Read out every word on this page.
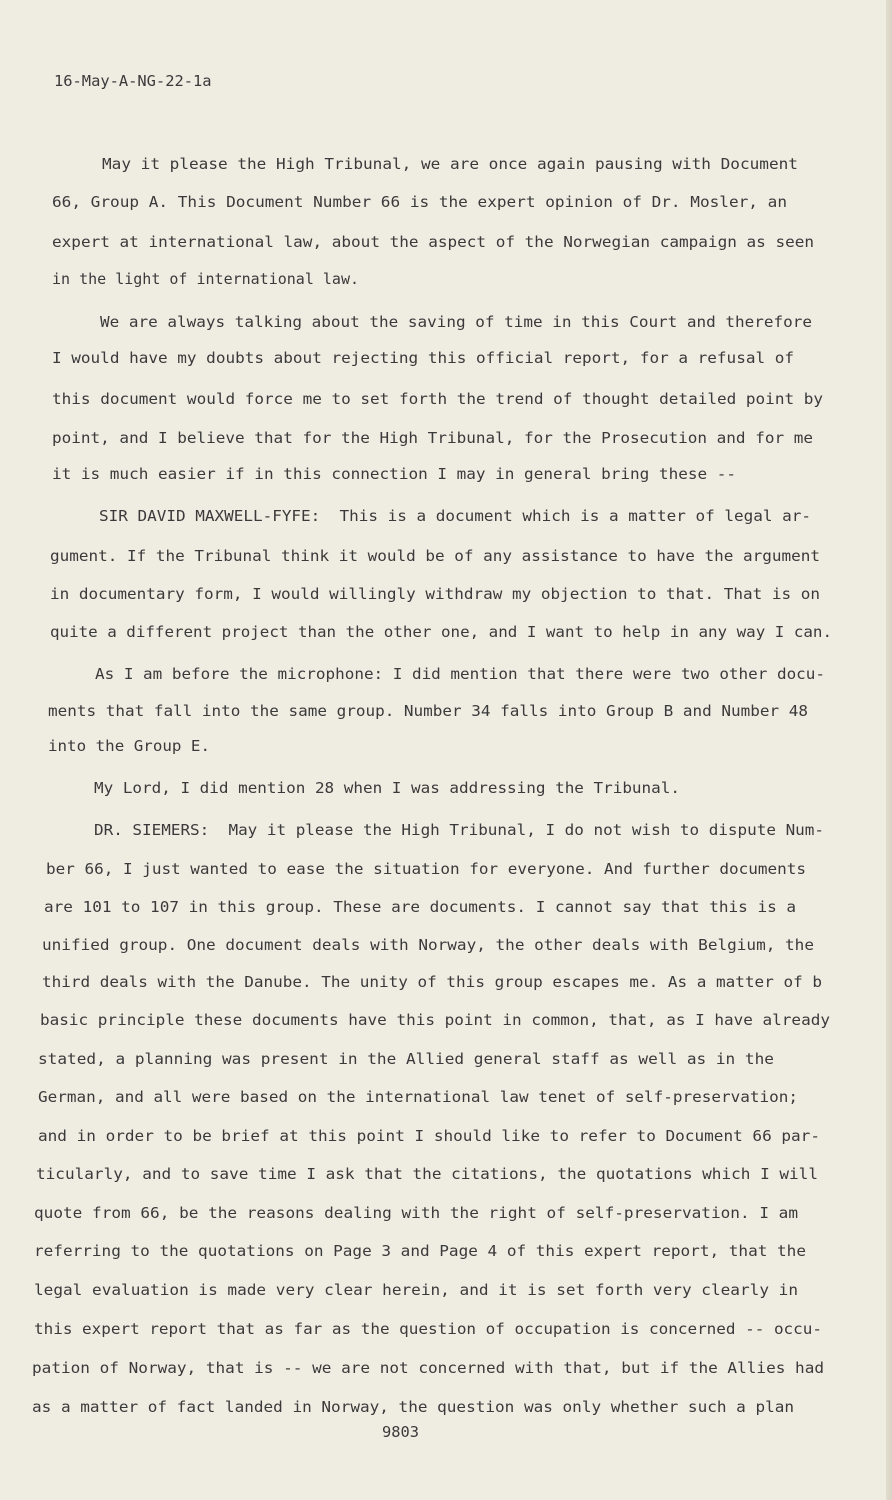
16-May-A-NG-22-1a
May it please the High Tribunal, we are once again pausing with Document
66, Group A. This Document Number 66 is the expert opinion of Dr. Mosler, an
expert at international law, about the aspect of the Norwegian campaign as seen
in the light of international law.
We are always talking about the saving of time in this Court and therefore
I would have my doubts about rejecting this official report, for a refusal of
this document would force me to set forth the trend of thought detailed point by
point, and I believe that for the High Tribunal, for the Prosecution and for me
it is much easier if in this connection I may in general bring these --
SIR DAVID MAXWELL-FYFE:  This is a document which is a matter of legal ar-
gument. If the Tribunal think it would be of any assistance to have the argument
in documentary form, I would willingly withdraw my objection to that. That is on
quite a different project than the other one, and I want to help in any way I can.
As I am before the microphone: I did mention that there were two other docu-
ments that fall into the same group. Number 34 falls into Group B and Number 48
into the Group E.
My Lord, I did mention 28 when I was addressing the Tribunal.
DR. SIEMERS:  May it please the High Tribunal, I do not wish to dispute Num-
ber 66, I just wanted to ease the situation for everyone. And further documents
are 101 to 107 in this group. These are documents. I cannot say that this is a
unified group. One document deals with Norway, the other deals with Belgium, the
third deals with the Danube. The unity of this group escapes me. As a matter of b
basic principle these documents have this point in common, that, as I have already
stated, a planning was present in the Allied general staff as well as in the
German, and all were based on the international law tenet of self-preservation;
and in order to be brief at this point I should like to refer to Document 66 par-
ticularly, and to save time I ask that the citations, the quotations which I will
quote from 66, be the reasons dealing with the right of self-preservation. I am
referring to the quotations on Page 3 and Page 4 of this expert report, that the
legal evaluation is made very clear herein, and it is set forth very clearly in
this expert report that as far as the question of occupation is concerned -- occu-
pation of Norway, that is -- we are not concerned with that, but if the Allies had
as a matter of fact landed in Norway, the question was only whether such a plan
9803
